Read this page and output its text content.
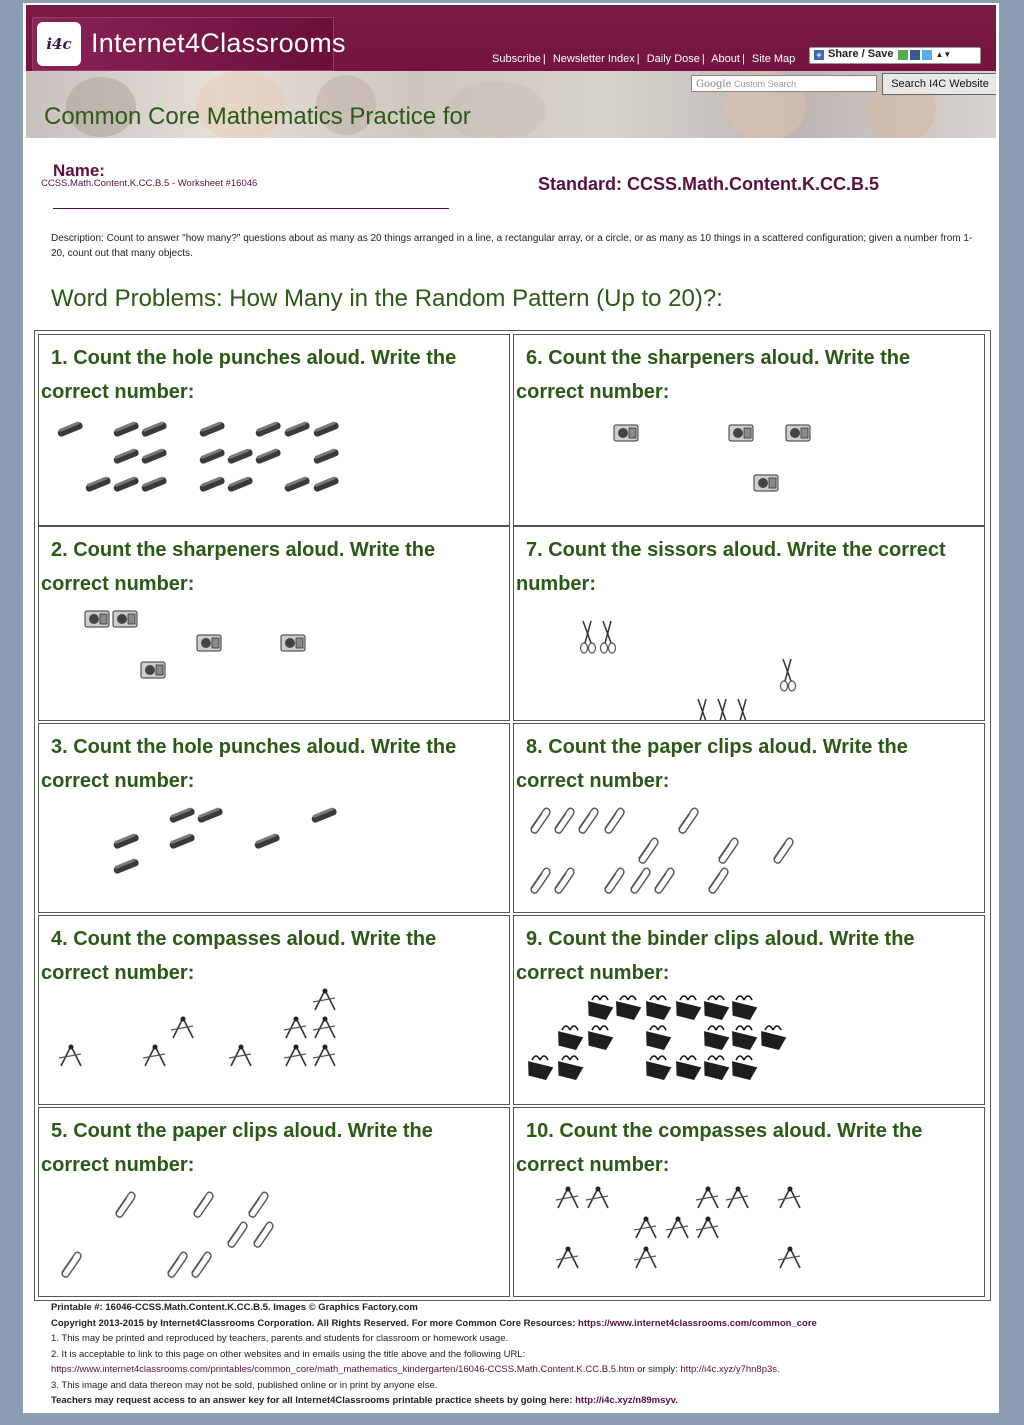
i4c Internet4Classrooms
Subscribe | Newsletter Index | Daily Dose | About | Site Map	+ Share / Save	▲▼
Google Custom Search	Search I4C Website
Common Core Mathematics Practice for
Name:
CCSS.Math.Content.K.CC.B.5 - Worksheet #16046	Standard: CCSS.Math.Content.K.CC.B.5
Description: Count to answer "how many?" questions about as many as 20 things arranged in a line, a rectangular array, or a circle, or as many as 10 things in a scattered configuration; given a number from 1-20, count out that many objects.
Word Problems: How Many in the Random Pattern (Up to 20)?:
1. Count the hole punches aloud. Write the correct number:
2. Count the sharpeners aloud. Write the correct number:
3. Count the hole punches aloud. Write the correct number:
4. Count the compasses aloud. Write the correct number:
5. Count the paper clips aloud. Write the correct number:
6. Count the sharpeners aloud. Write the correct number:
7. Count the sissors aloud. Write the correct number:
8. Count the paper clips aloud. Write the correct number:
9. Count the binder clips aloud. Write the correct number:
10. Count the compasses aloud. Write the correct number:
Printable #: 16046-CCSS.Math.Content.K.CC.B.5. Images © Graphics Factory.com
Copyright 2013-2015 by Internet4Classrooms Corporation. All Rights Reserved. For more Common Core Resources: https://www.internet4classrooms.com/common_core
1. This may be printed and reproduced by teachers, parents and students for classroom or homework usage.
2. It is acceptable to link to this page on other websites and in emails using the title above and the following URL:
https://www.internet4classrooms.com/printables/common_core/math_mathematics_kindergarten/16046-CCSS.Math.Content.K.CC.B.5.htm or simply: http://i4c.xyz/y7hn8p3s.
3. This image and data thereon may not be sold, published online or in print by anyone else.
Teachers may request access to an answer key for all Internet4Classrooms printable practice sheets by going here: http://i4c.xyz/n89msyv.
